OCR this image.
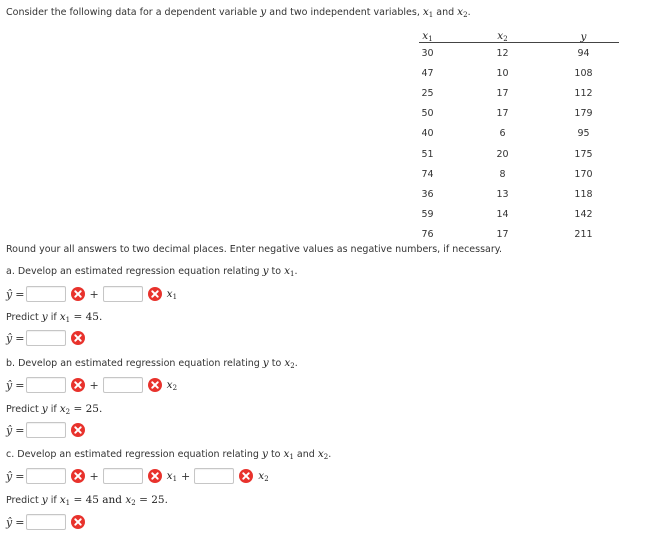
Consider the following data for a dependent variable y and two independent variables, $x_1$ and $x_2$.
$x_1$	$x_2$	y
30	12	94
47	10	108
25	17	112
50	17	179
40	6	95
51	20	175
74	8	170
36	13	118
59	14	142
76	17	211
Round your all answers to two decimal places. Enter negative values as negative numbers, if necessary.
a. Develop an estimated regression equation relating y to $x_1$.
ŷ =	+	$x_1$
Predict y if $x_1 = 45$.
ŷ =
b. Develop an estimated regression equation relating y to $x_2$.
ŷ =	+	$x_2$
Predict y if $x_2 = 25$.
ŷ =
c. Develop an estimated regression equation relating y to $x_1$ and $x_2$.
ŷ =	+	$x_1$ +	$x_2$
Predict y if $x_1 = 45$ and $x_2 = 25$.
ŷ =
